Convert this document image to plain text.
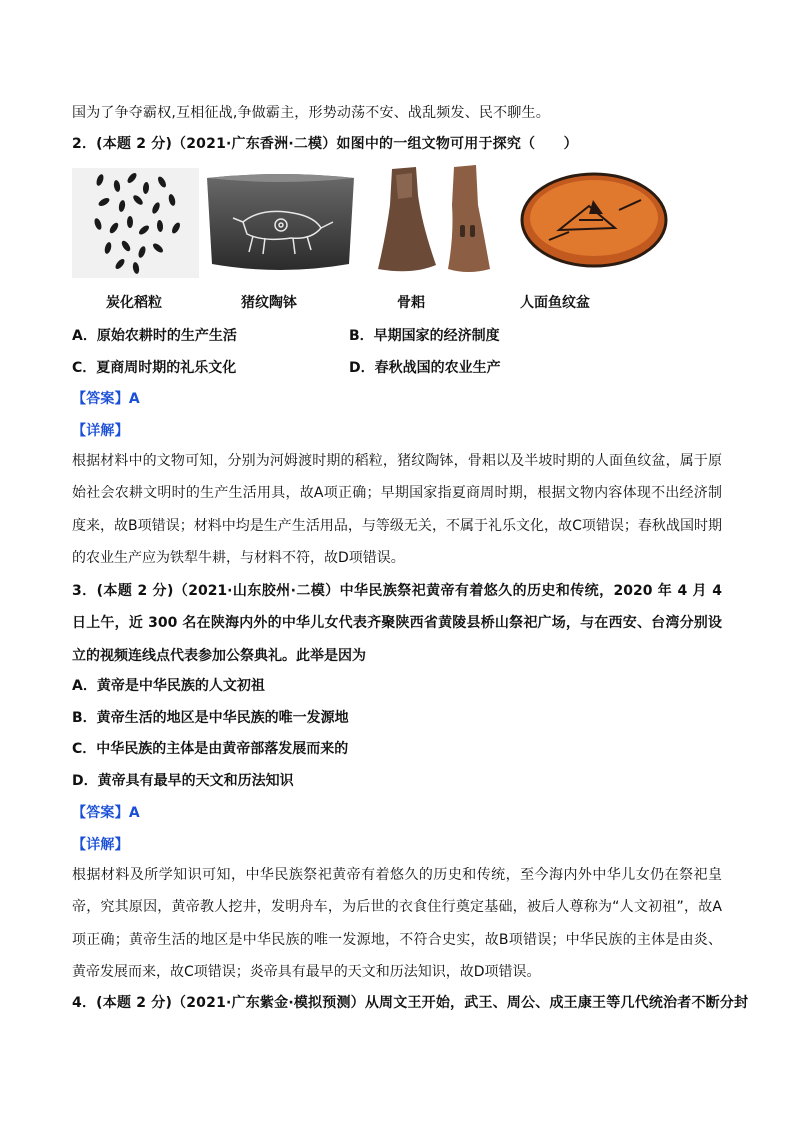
国为了争夺霸权,互相征战,争做霸主，形势动荡不安、战乱频发、民不聊生。
2．(本题 2 分)（2021·广东香洲·二模）如图中的一组文物可用于探究（　　）
炭化稻粒	猪纹陶钵	骨耜	人面鱼纹盆
A．原始农耕时的生产生活	B．早期国家的经济制度
C．夏商周时期的礼乐文化	D．春秋战国的农业生产
【答案】A
【详解】
根据材料中的文物可知，分别为河姆渡时期的稻粒，猪纹陶钵，骨耜以及半坡时期的人面鱼纹盆，属于原始社会农耕文明时的生产生活用具，故A项正确；早期国家指夏商周时期，根据文物内容体现不出经济制度来，故B项错误；材料中均是生产生活用品，与等级无关，不属于礼乐文化，故C项错误；春秋战国时期的农业生产应为铁犁牛耕，与材料不符，故D项错误。
3．(本题 2 分)（2021·山东胶州·二模）中华民族祭祀黄帝有着悠久的历史和传统，2020 年 4 月 4 日上午，近 300 名在陕海内外的中华儿女代表齐聚陕西省黄陵县桥山祭祀广场，与在西安、台湾分别设立的视频连线点代表参加公祭典礼。此举是因为
A．黄帝是中华民族的人文初祖
B．黄帝生活的地区是中华民族的唯一发源地
C．中华民族的主体是由黄帝部落发展而来的
D．黄帝具有最早的天文和历法知识
【答案】A
【详解】
根据材料及所学知识可知，中华民族祭祀黄帝有着悠久的历史和传统，至今海内外中华儿女仍在祭祀皇帝，究其原因，黄帝教人挖井，发明舟车，为后世的衣食住行奠定基础，被后人尊称为“人文初祖”，故A项正确；黄帝生活的地区是中华民族的唯一发源地，不符合史实，故B项错误；中华民族的主体是由炎、黄帝发展而来，故C项错误；炎帝具有最早的天文和历法知识，故D项错误。
4．(本题 2 分)（2021·广东紫金·模拟预测）从周文王开始，武王、周公、成王康王等几代统治者不断分封
